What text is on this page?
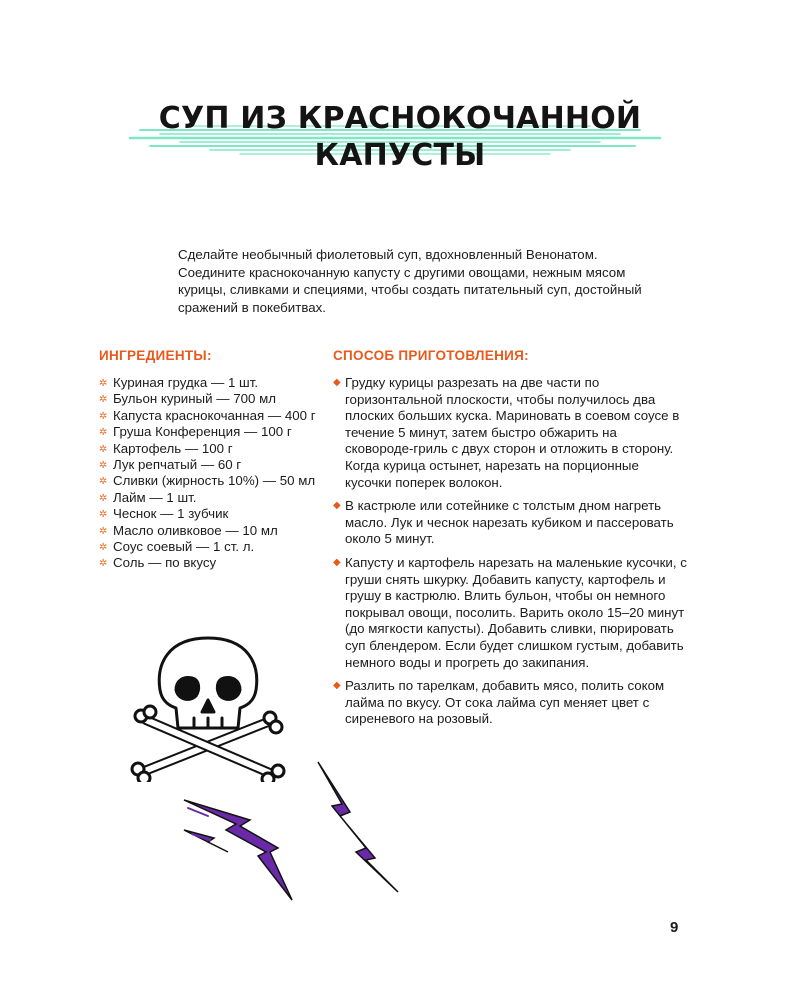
СУП ИЗ КРАСНОКОЧАННОЙ
КАПУСТЫ

Сделайте необычный фиолетовый суп, вдохновленный Венонатом.
Соедините краснокочанную капусту с другими овощами, нежным мясом
курицы, сливками и специями, чтобы создать питательный суп, достойный
сражений в покебитвах.

ИНГРЕДИЕНТЫ:
✲ Куриная грудка — 1 шт.
✲ Бульон куриный — 700 мл
✲ Капуста краснокочанная — 400 г
✲ Груша Конференция — 100 г
✲ Картофель — 100 г
✲ Лук репчатый — 60 г
✲ Сливки (жирность 10%) — 50 мл
✲ Лайм — 1 шт.
✲ Чеснок — 1 зубчик
✲ Масло оливковое — 10 мл
✲ Соус соевый — 1 ст. л.
✲ Соль — по вкусу
СПОСОБ ПРИГОТОВЛЕНИЯ:
◆ Грудку курицы разрезать на две части по горизонтальной плоскости, чтобы получилось два плоских больших куска. Мариновать в соевом соусе в течение 5 минут, затем быстро обжарить на сковороде-гриль с двух сторон и отложить в сторону. Когда курица остынет, нарезать на порционные кусочки поперек волокон.
◆ В кастрюле или сотейнике с толстым дном нагреть масло. Лук и чеснок нарезать кубиком и пассеровать около 5 минут.
◆ Капусту и картофель нарезать на маленькие кусочки, с груши снять шкурку. Добавить капусту, картофель и грушу в кастрюлю. Влить бульон, чтобы он немного покрывал овощи, посолить. Варить около 15–20 минут (до мягкости капусты). Добавить сливки, пюрировать суп блендером. Если будет слишком густым, добавить немного воды и прогреть до закипания.
◆ Разлить по тарелкам, добавить мясо, полить соком лайма по вкусу. От сока лайма суп меняет цвет с сиреневого на розовый.
9
